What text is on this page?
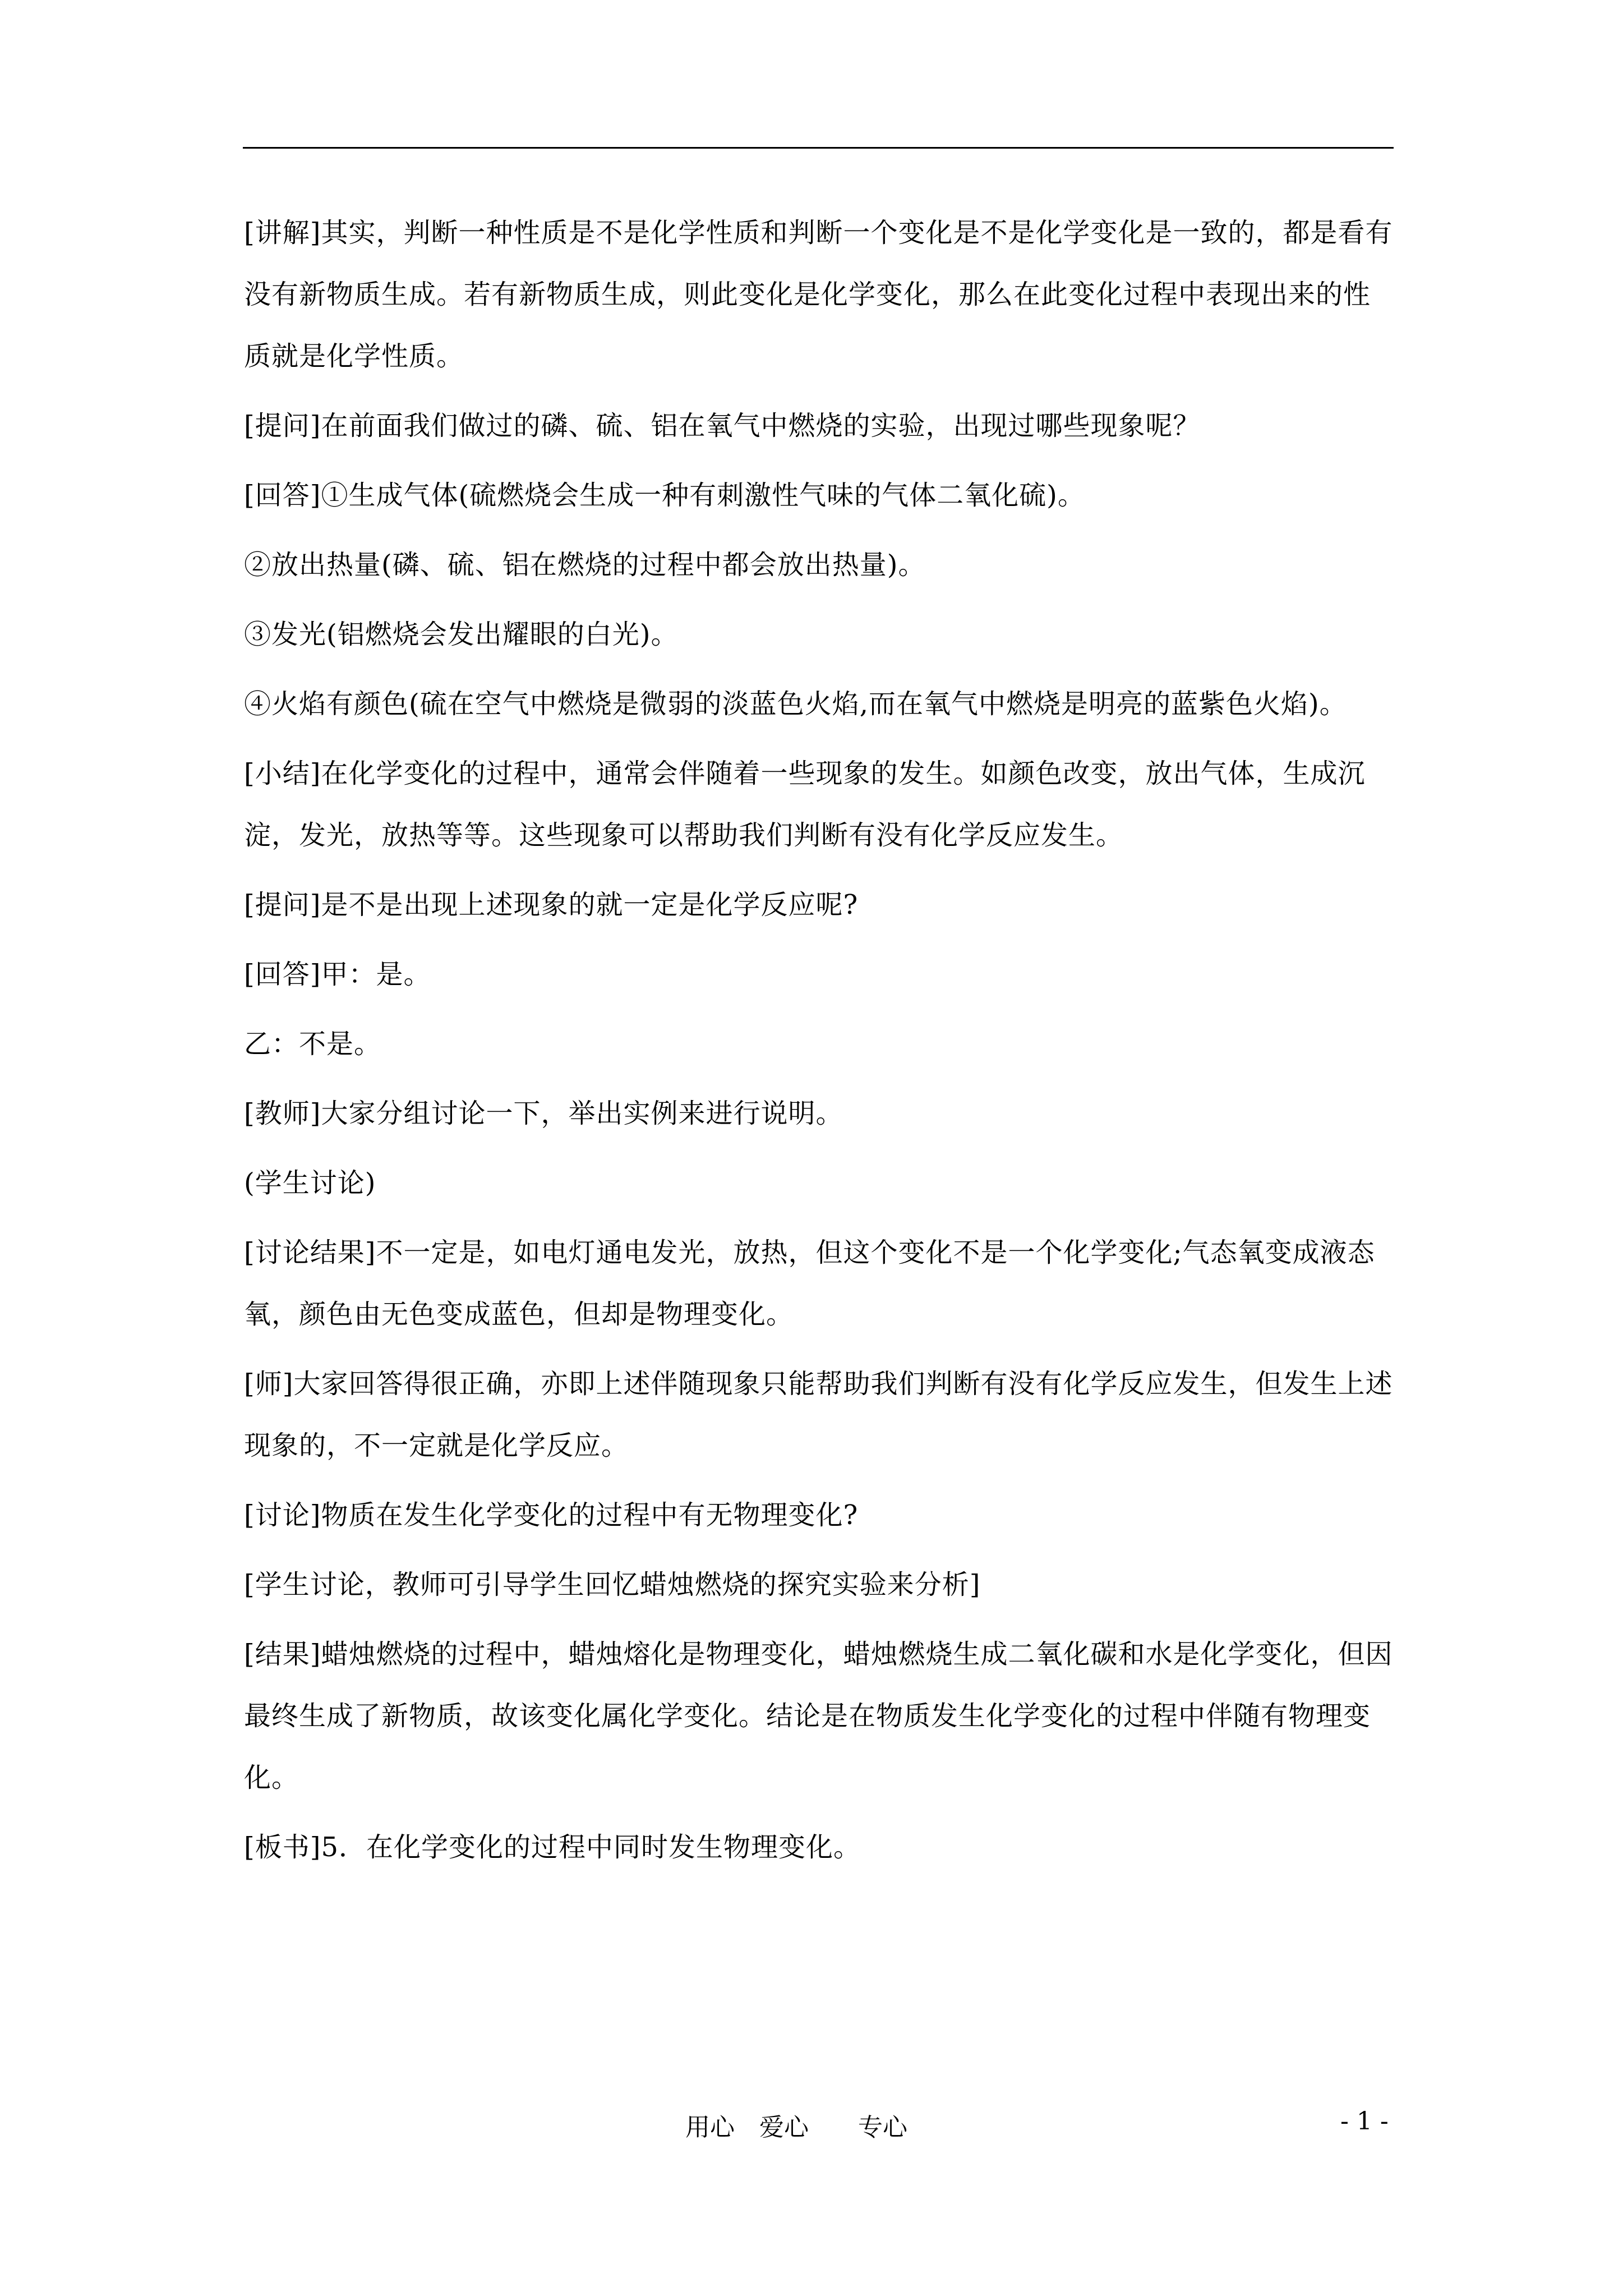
[讲解]其实，判断一种性质是不是化学性质和判断一个变化是不是化学变化是一致的，都是看有没有新物质生成。若有新物质生成，则此变化是化学变化，那么在此变化过程中表现出来的性质就是化学性质。

[提问]在前面我们做过的磷、硫、铝在氧气中燃烧的实验，出现过哪些现象呢？

[回答]①生成气体(硫燃烧会生成一种有刺激性气味的气体二氧化硫)。

②放出热量(磷、硫、铝在燃烧的过程中都会放出热量)。

③发光(铝燃烧会发出耀眼的白光)。

④火焰有颜色(硫在空气中燃烧是微弱的淡蓝色火焰,而在氧气中燃烧是明亮的蓝紫色火焰)。

[小结]在化学变化的过程中，通常会伴随着一些现象的发生。如颜色改变，放出气体，生成沉淀，发光，放热等等。这些现象可以帮助我们判断有没有化学反应发生。

[提问]是不是出现上述现象的就一定是化学反应呢?

[回答]甲：是。

乙：不是。

[教师]大家分组讨论一下，举出实例来进行说明。

(学生讨论)

[讨论结果]不一定是，如电灯通电发光，放热，但这个变化不是一个化学变化;气态氧变成液态氧，颜色由无色变成蓝色，但却是物理变化。

[师]大家回答得很正确，亦即上述伴随现象只能帮助我们判断有没有化学反应发生，但发生上述现象的，不一定就是化学反应。

[讨论]物质在发生化学变化的过程中有无物理变化?

[学生讨论，教师可引导学生回忆蜡烛燃烧的探究实验来分析]

[结果]蜡烛燃烧的过程中，蜡烛熔化是物理变化，蜡烛燃烧生成二氧化碳和水是化学变化，但因最终生成了新物质，故该变化属化学变化。结论是在物质发生化学变化的过程中伴随有物理变化。

[板书]5．在化学变化的过程中同时发生物理变化。

用心　爱心　　专心	- 1 -
